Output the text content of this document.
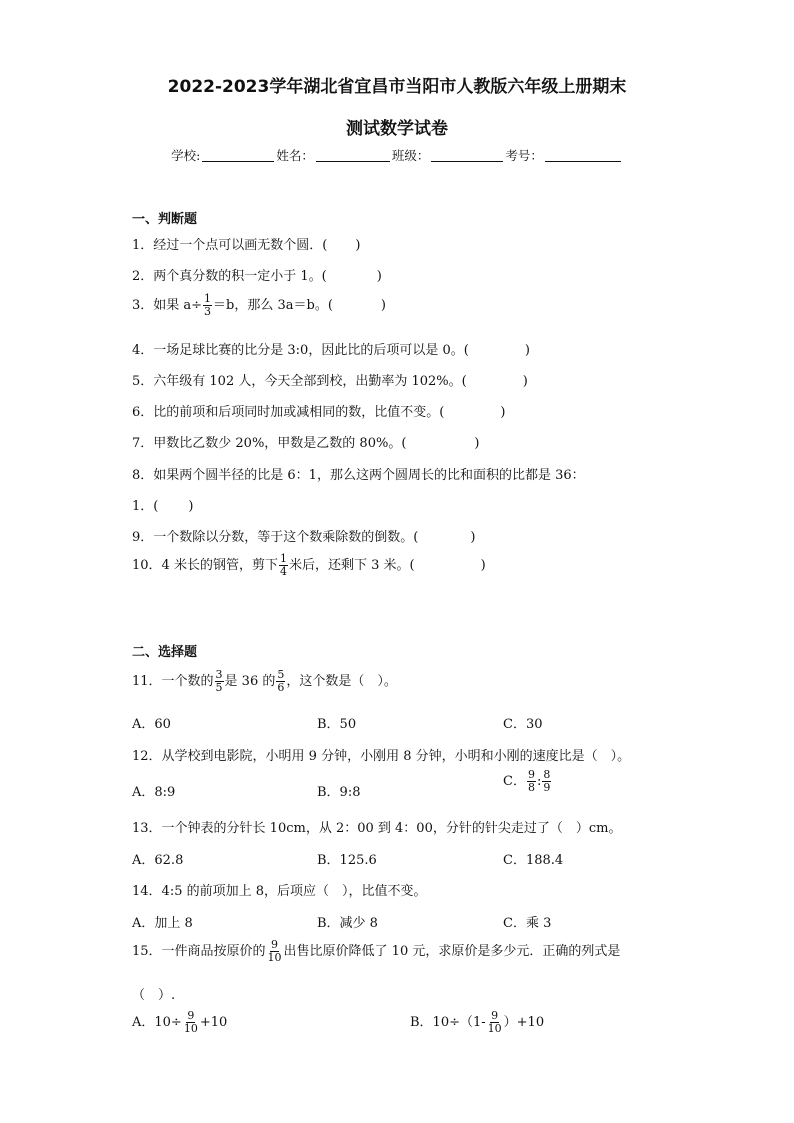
2022-2023学年湖北省宜昌市当阳市人教版六年级上册期末
测试数学试卷
学校:	姓名：	班级：	考号：
一、判断题
1．经过一个点可以画无数个圆．( )
2．两个真分数的积一定小于 1。(	)
3．如果 $a\div \frac{1}{3} =b$，那么 3a＝b。(	)
4．一场足球比赛的比分是 3:0，因此比的后项可以是 0。(	)
5．六年级有 102 人，今天全部到校，出勤率为 102%。(	)
6．比的前项和后项同时加或减相同的数，比值不变。(	)
7．甲数比乙数少 20%，甲数是乙数的 80%。(	)
8．如果两个圆半径的比是 6：1，那么这两个圆周长的比和面积的比都是 36：
1．( )
9．一个数除以分数，等于这个数乘除数的倒数。(	)
10．4 米长的钢管，剪下 $\frac{1}{4}$ 米后，还剩下 3 米。(	)
二、选择题
11．一个数的 $\frac{3}{5}$ 是 36 的 $\frac{5}{6}$ ，这个数是（　）。
A．60	B．50	C．30
12．从学校到电影院，小明用 9 分钟，小刚用 8 分钟，小明和小刚的速度比是（　）。
A．8:9	B．9:8
C． $\frac{9}{8}$ : $\frac{8}{9}$
13．一个钟表的分针长 10cm，从 2：00 到 4：00，分针的针尖走过了（　）cm。
A．62.8	B．125.6	C．188.4
14．4:5 的前项加上 8，后项应（　），比值不变。
A．加上 8	B．减少 8	C．乘 3
15．一件商品按原价的 $\frac{9}{10}$ 出售比原价降低了 10 元，求原价是多少元．正确的列式是
（　）.
A．$10\div \frac{9}{10} +10$	B．$10\div(1- \frac{9}{10} )+10$
